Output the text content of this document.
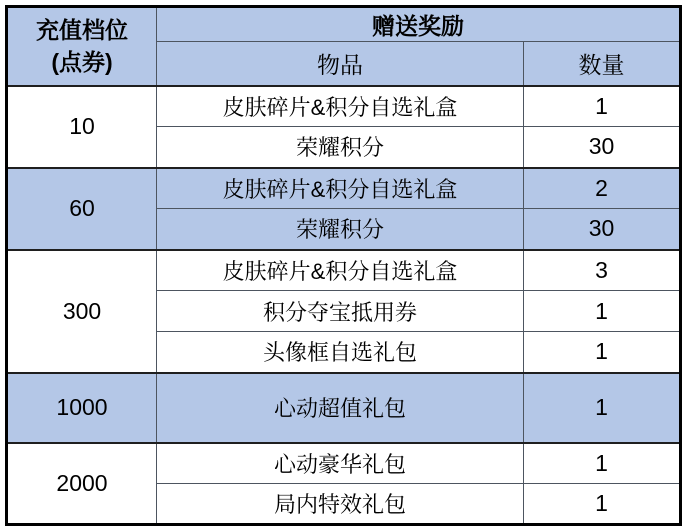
充值档位
(点券)	赠送奖励	
	物品	数量
10	皮肤碎片&积分自选礼盒	1
	荣耀积分	30
60	皮肤碎片&积分自选礼盒	2
	荣耀积分	30
300	皮肤碎片&积分自选礼盒	3
	积分夺宝抵用券	1
	头像框自选礼包	1
1000	心动超值礼包	1
2000	心动豪华礼包	1
	局内特效礼包	1
